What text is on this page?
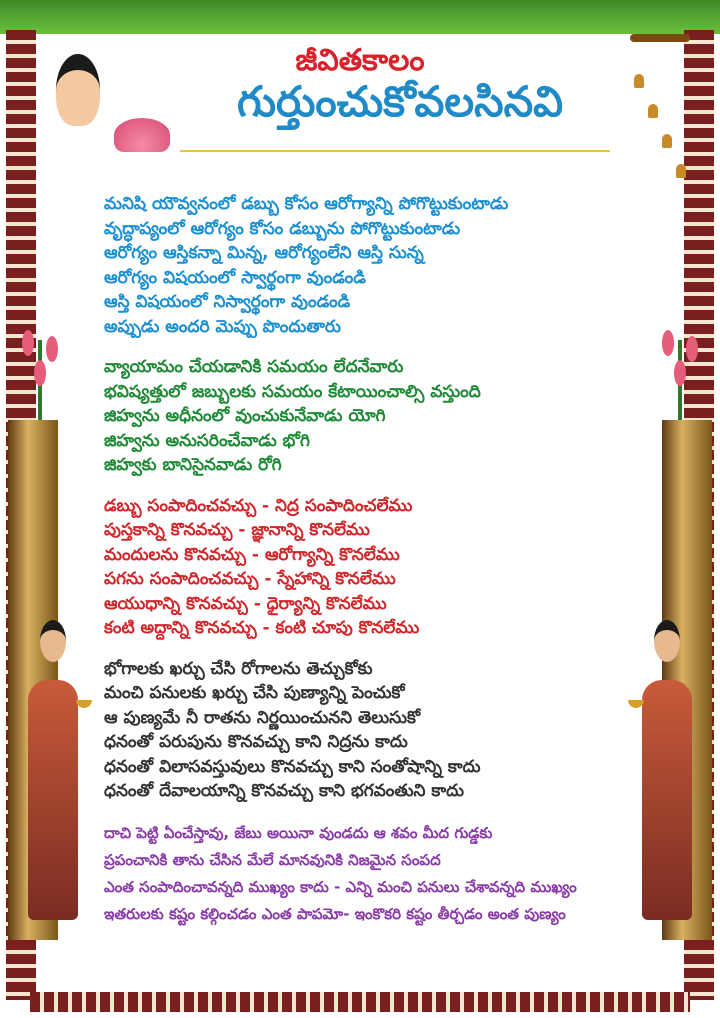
జీవితకాలం
గుర్తుంచుకోవలసినవి
మనిషి యౌవ్వనంలో డబ్బు కోసం ఆరోగ్యాన్ని పోగొట్టుకుంటాడు
వృద్ధాప్యంలో ఆరోగ్యం కోసం డబ్బును పోగొట్టుకుంటాడు
ఆరోగ్యం ఆస్తికన్నా మిన్న, ఆరోగ్యంలేని ఆస్తి సున్న
ఆరోగ్యం విషయంలో స్వార్థంగా వుండండి
ఆస్తి విషయంలో నిస్వార్థంగా వుండండి
అప్పుడు అందరి మెప్పు పొందుతారు
వ్యాయామం చేయడానికి సమయం లేదనేవారు
భవిష్యత్తులో జబ్బులకు సమయం కేటాయించాల్సి వస్తుంది
జిహ్వను అధీనంలో వుంచుకునేవాడు యోగి
జిహ్వను అనుసరించేవాడు భోగి
జిహ్వకు బానిసైనవాడు రోగి
డబ్బు సంపాదించవచ్చు - నిద్ర సంపాదించలేము
పుస్తకాన్ని కొనవచ్చు - జ్ఞానాన్ని కొనలేము
మందులను కొనవచ్చు - ఆరోగ్యాన్ని కొనలేము
పగను సంపాదించవచ్చు - స్నేహాన్ని కొనలేము
ఆయుధాన్ని కొనవచ్చు - ధైర్యాన్ని కొనలేము
కంటి అద్దాన్ని కొనవచ్చు - కంటి చూపు కొనలేము
భోగాలకు ఖర్చు చేసి రోగాలను తెచ్చుకోకు
మంచి పనులకు ఖర్చు చేసి పుణ్యాన్ని పెంచుకో
ఆ పుణ్యమే నీ రాతను నిర్ణయించునని తెలుసుకో
ధనంతో పరుపును కొనవచ్చు కాని నిద్రను కాదు
ధనంతో విలాసవస్తువులు కొనవచ్చు కాని సంతోషాన్ని కాదు
ధనంతో దేవాలయాన్ని కొనవచ్చు కాని భగవంతుని కాదు
దాచి పెట్టి ఏంచేస్తావు, జేబు అయినా వుండదు ఆ శవం మీద గుడ్డకు
ప్రపంచానికి తాను చేసిన మేలే మానవునికి నిజమైన సంపద
ఎంత సంపాదించావన్నది ముఖ్యం కాదు - ఎన్ని మంచి పనులు చేశావన్నది ముఖ్యం
ఇతరులకు కష్టం కల్గించడం ఎంత పాపమో- ఇంకొకరి కష్టం తీర్చడం అంత పుణ్యం
